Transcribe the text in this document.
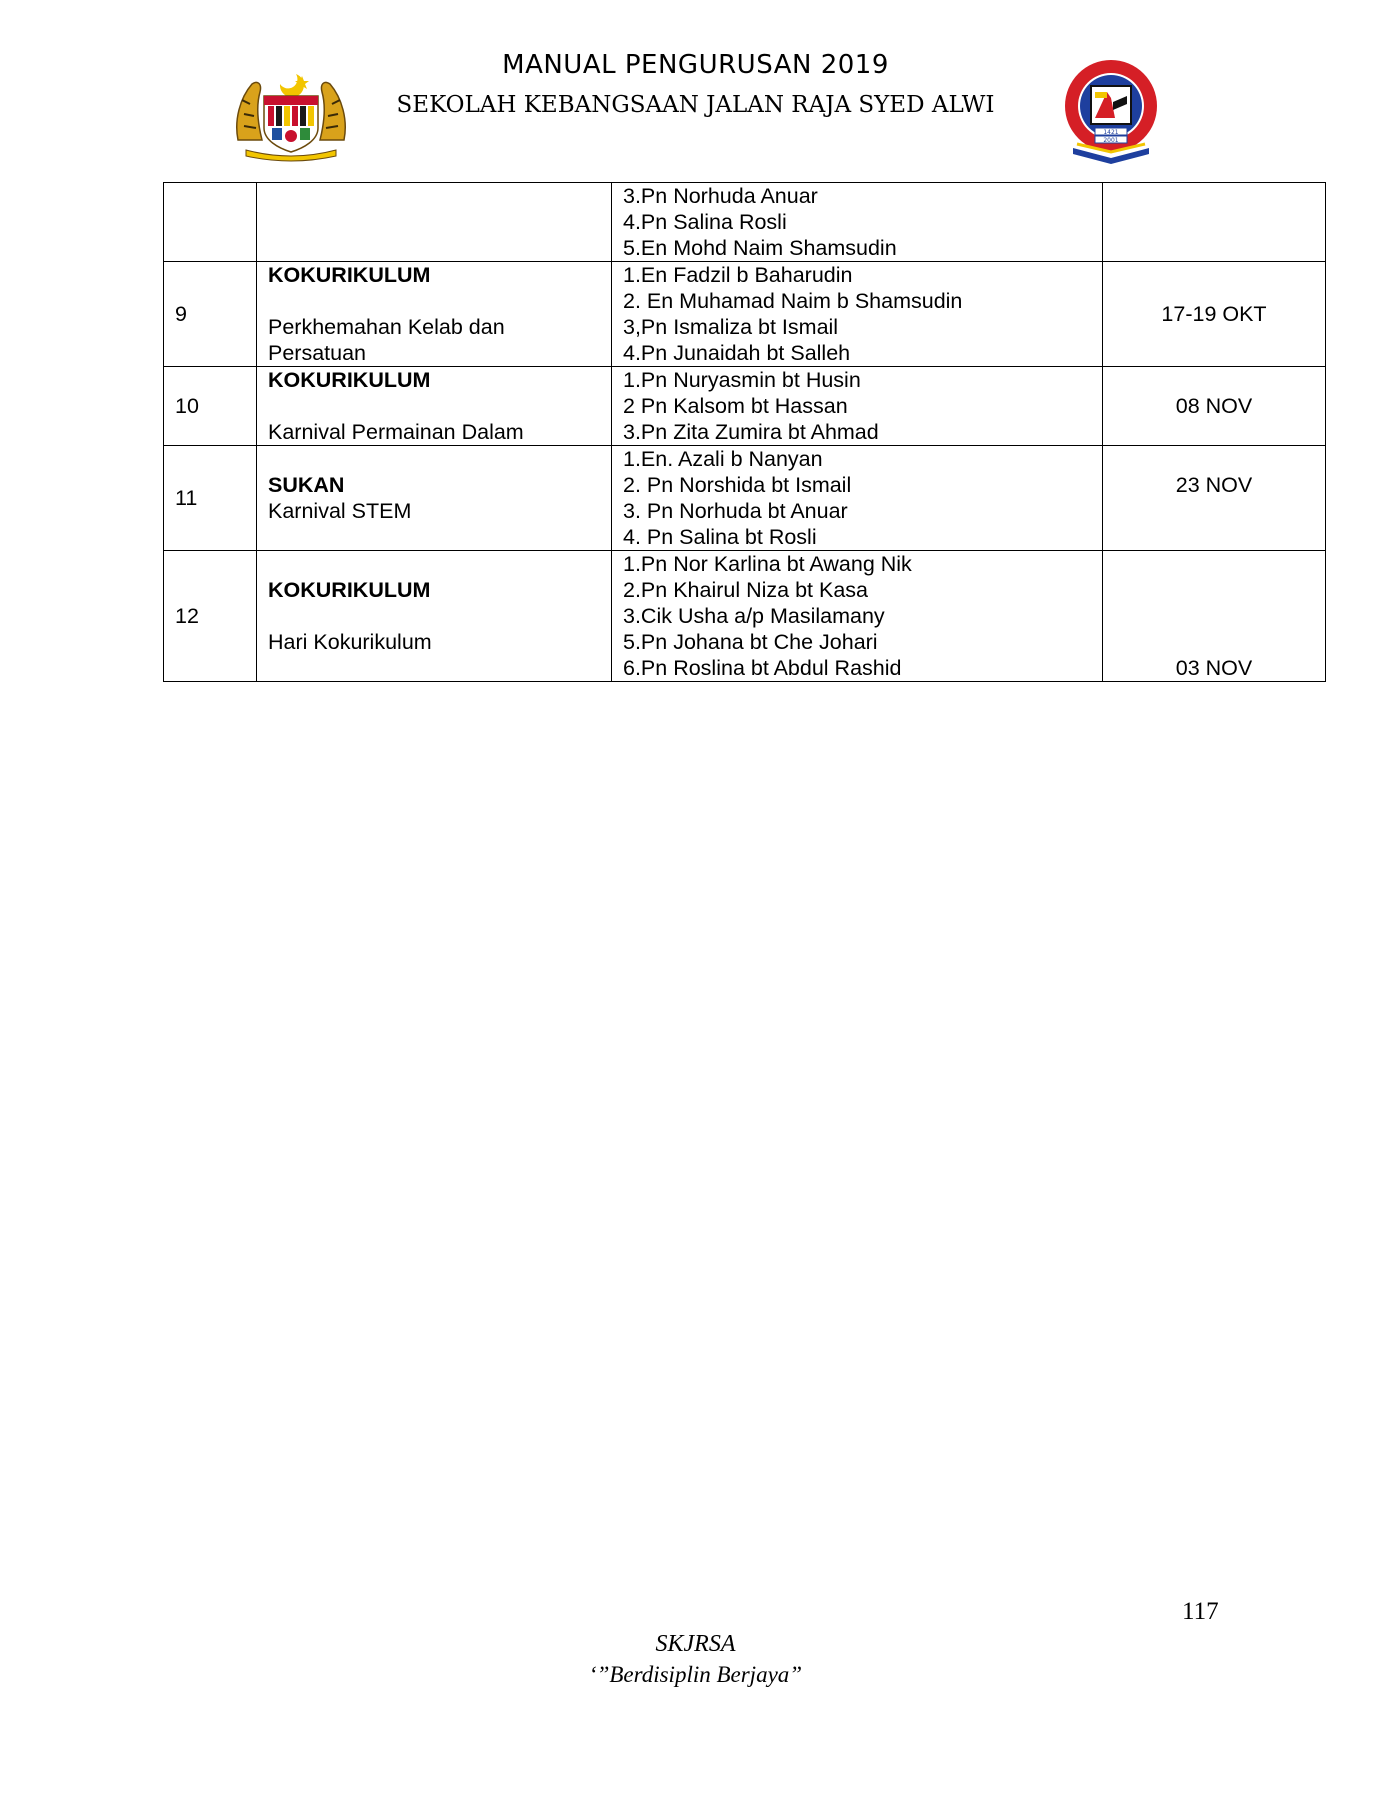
MANUAL PENGURUSAN 2019
SEKOLAH KEBANGSAAN JALAN RAJA SYED ALWI
1421
2001

		3.Pn Norhuda Anuar
4.Pn Salina Rosli
5.En Mohd Naim Shamsudin	

9	KOKURIKULUM
Perkhemahan Kelab dan
Persatuan	1.En Fadzil b Baharudin
2. En Muhamad Naim b Shamsudin
3,Pn Ismaliza bt Ismail
4.Pn Junaidah bt Salleh	17-19 OKT
10	KOKURIKULUM
Karnival Permainan Dalam	1.Pn Nuryasmin bt Husin
2 Pn Kalsom bt Hassan
3.Pn Zita Zumira bt Ahmad	08 NOV
11	SUKAN
Karnival STEM	1.En. Azali b Nanyan
2. Pn Norshida bt Ismail
3. Pn Norhuda bt Anuar
4. Pn Salina bt Rosli	23 NOV
12	KOKURIKULUM
Hari Kokurikulum	1.Pn Nor Karlina bt Awang Nik
2.Pn Khairul Niza bt Kasa
3.Cik Usha a/p Masilamany
5.Pn Johana bt Che Johari
6.Pn Roslina bt Abdul Rashid	03 NOV
117
SKJRSA
‘”Berdisiplin Berjaya”
